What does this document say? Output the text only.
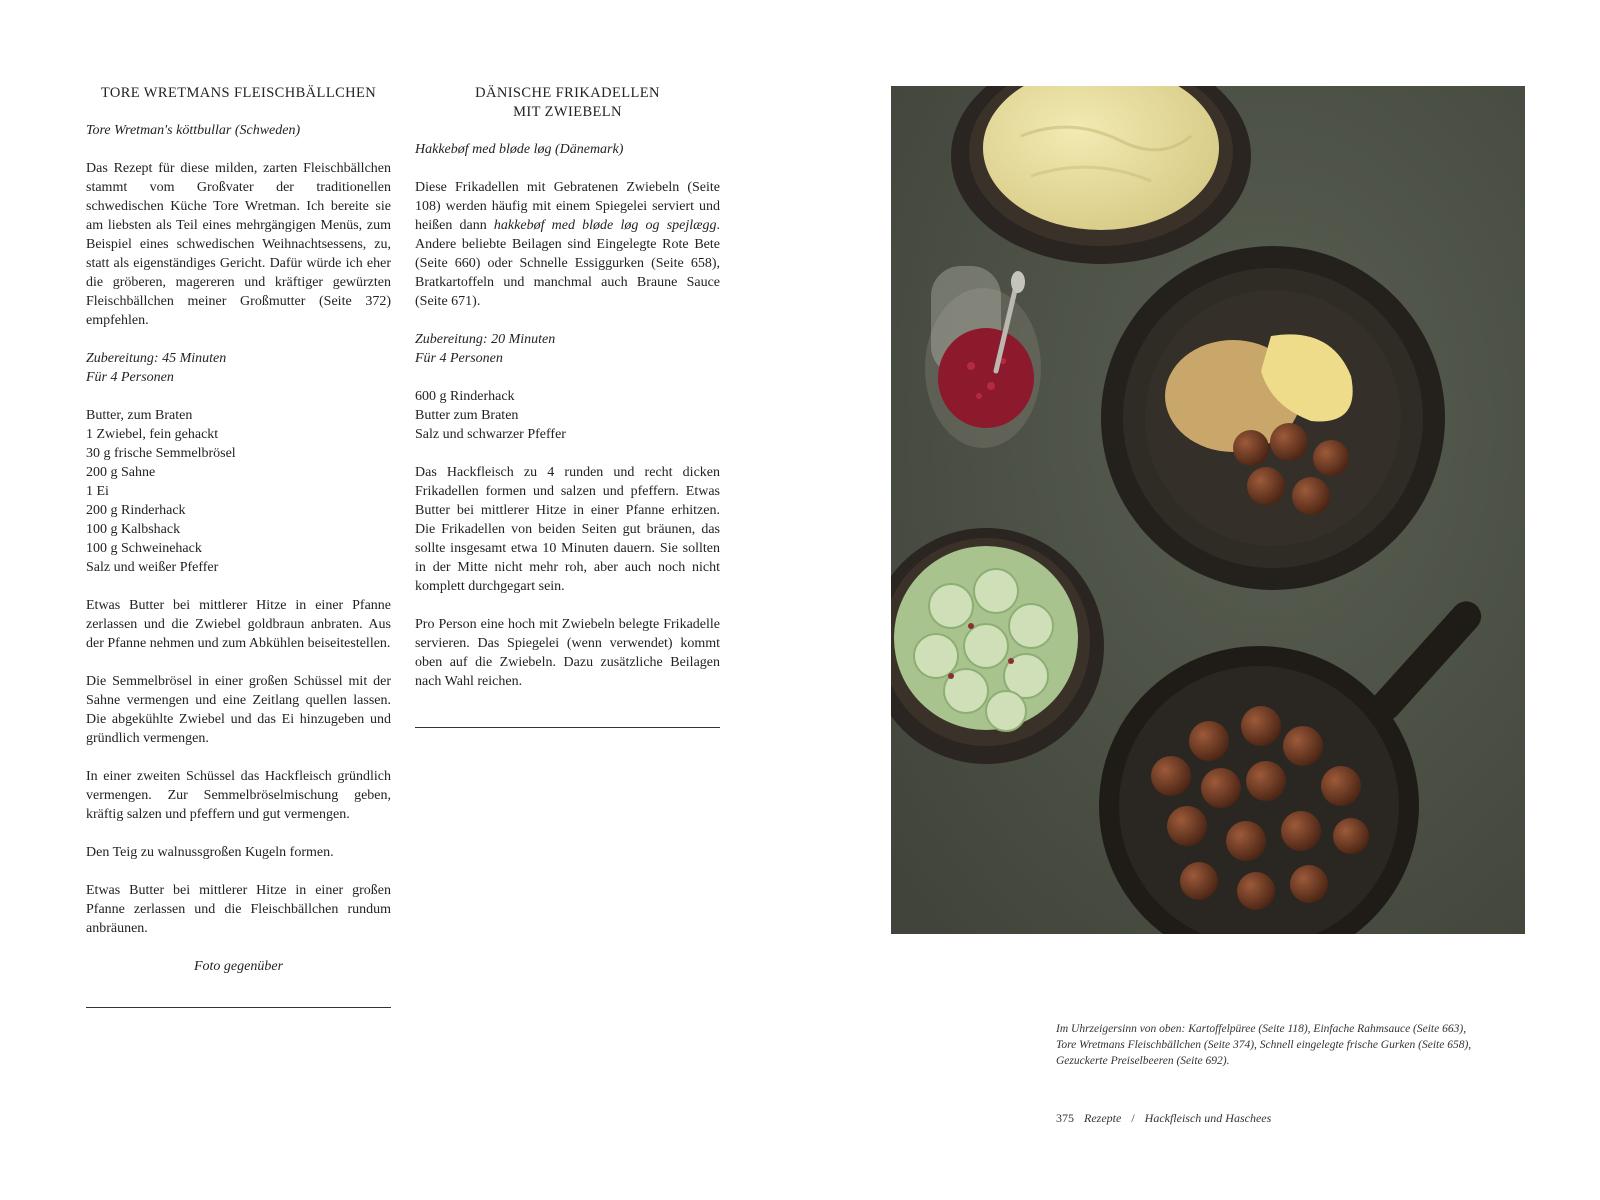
TORE WRETMANS FLEISCHBÄLLCHEN
Tore Wretman's köttbullar (Schweden)

Das Rezept für diese milden, zarten Fleischbällchen stammt vom Großvater der traditionellen schwedischen Küche Tore Wretman. Ich bereite sie am liebsten als Teil eines mehrgängigen Menüs, zum Beispiel eines schwedischen Weihnachtsessens, zu, statt als eigenständiges Gericht. Dafür würde ich eher die gröberen, magereren und kräftiger gewürzten Fleischbällchen meiner Großmutter (Seite 372) empfehlen.

Zubereitung: 45 Minuten
Für 4 Personen
Butter, zum Braten
1 Zwiebel, fein gehackt
30 g frische Semmelbrösel
200 g Sahne
1 Ei
200 g Rinderhack
100 g Kalbshack
100 g Schweinehack
Salz und weißer Pfeffer

Etwas Butter bei mittlerer Hitze in einer Pfanne zerlassen und die Zwiebel goldbraun anbraten. Aus der Pfanne nehmen und zum Abkühlen beiseitestellen.

Die Semmelbrösel in einer großen Schüssel mit der Sahne vermengen und eine Zeitlang quellen lassen. Die abgekühlte Zwiebel und das Ei hinzugeben und gründlich vermengen.

In einer zweiten Schüssel das Hackfleisch gründlich vermengen. Zur Semmelbröselmischung geben, kräftig salzen und pfeffern und gut vermengen.

Den Teig zu walnussgroßen Kugeln formen.

Etwas Butter bei mittlerer Hitze in einer großen Pfanne zerlassen und die Fleischbällchen rundum anbräunen.

Foto gegenüber
DÄNISCHE FRIKADELLEN
MIT ZWIEBELN
Hakkebøf med bløde løg (Dänemark)

Diese Frikadellen mit Gebratenen Zwiebeln (Seite 108) werden häufig mit einem Spiegelei serviert und heißen dann hakkebøf med bløde løg og spejlægg. Andere beliebte Beilagen sind Eingelegte Rote Bete (Seite 660) oder Schnelle Essiggurken (Seite 658), Bratkartoffeln und manchmal auch Braune Sauce (Seite 671).

Zubereitung: 20 Minuten
Für 4 Personen
600 g Rinderhack
Butter zum Braten
Salz und schwarzer Pfeffer

Das Hackfleisch zu 4 runden und recht dicken Frikadellen formen und salzen und pfeffern. Etwas Butter bei mittlerer Hitze in einer Pfanne erhitzen. Die Frikadellen von beiden Seiten gut bräunen, das sollte insgesamt etwa 10 Minuten dauern. Sie sollten in der Mitte nicht mehr roh, aber auch noch nicht komplett durchgegart sein.

Pro Person eine hoch mit Zwiebeln belegte Frikadelle servieren. Das Spiegelei (wenn verwendet) kommt oben auf die Zwiebeln. Dazu zusätzliche Beilagen nach Wahl reichen.

Im Uhrzeigersinn von oben: Kartoffelpüree (Seite 118), Einfache Rahmsauce (Seite 663),
Tore Wretmans Fleischbällchen (Seite 374), Schnell eingelegte frische Gurken (Seite 658),
Gezuckerte Preiselbeeren (Seite 692).
375 Rezepte / Hackfleisch und Haschees
